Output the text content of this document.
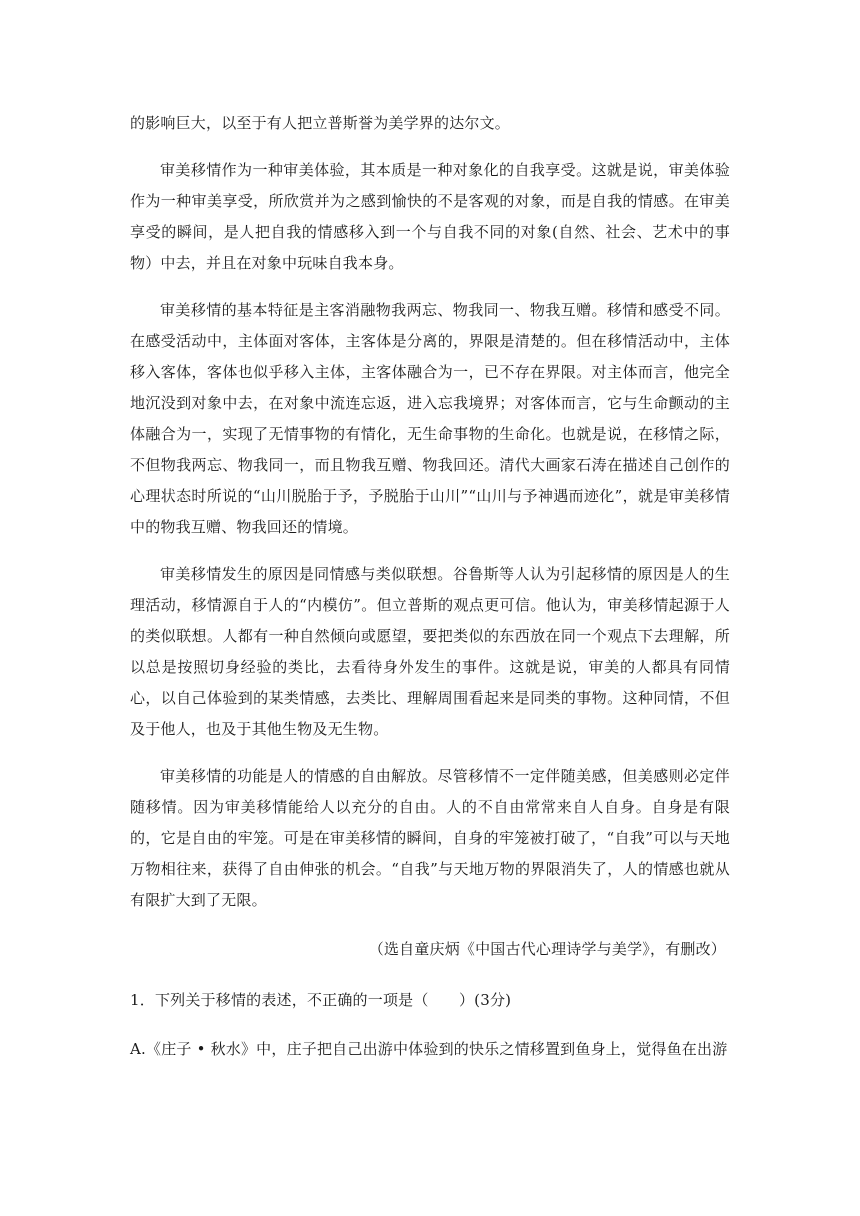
的影响巨大，以至于有人把立普斯誉为美学界的达尔文。

审美移情作为一种审美体验，其本质是一种对象化的自我享受。这就是说，审美体验作为一种审美享受，所欣赏并为之感到愉快的不是客观的对象，而是自我的情感。在审美享受的瞬间，是人把自我的情感移入到一个与自我不同的对象(自然、社会、艺术中的事物）中去，并且在对象中玩味自我本身。

审美移情的基本特征是主客消融物我两忘、物我同一、物我互赠。移情和感受不同。在感受活动中，主体面对客体，主客体是分离的，界限是清楚的。但在移情活动中，主体移入客体，客体也似乎移入主体，主客体融合为一，已不存在界限。对主体而言，他完全地沉没到对象中去，在对象中流连忘返，进入忘我境界；对客体而言，它与生命颤动的主体融合为一，实现了无情事物的有情化，无生命事物的生命化。也就是说，在移情之际，不但物我两忘、物我同一，而且物我互赠、物我回还。清代大画家石涛在描述自己创作的心理状态时所说的“山川脱胎于予，予脱胎于山川”“山川与予神遇而迹化”，就是审美移情中的物我互赠、物我回还的情境。

审美移情发生的原因是同情感与类似联想。谷鲁斯等人认为引起移情的原因是人的生理活动，移情源自于人的“内模仿”。但立普斯的观点更可信。他认为，审美移情起源于人的类似联想。人都有一种自然倾向或愿望，要把类似的东西放在同一个观点下去理解，所以总是按照切身经验的类比，去看待身外发生的事件。这就是说，审美的人都具有同情心，以自己体验到的某类情感，去类比、理解周围看起来是同类的事物。这种同情，不但及于他人，也及于其他生物及无生物。

审美移情的功能是人的情感的自由解放。尽管移情不一定伴随美感，但美感则必定伴随移情。因为审美移情能给人以充分的自由。人的不自由常常来自人自身。自身是有限的，它是自由的牢笼。可是在审美移情的瞬间，自身的牢笼被打破了，“自我”可以与天地万物相往来，获得了自由伸张的机会。“自我”与天地万物的界限消失了，人的情感也就从有限扩大到了无限。

（选自童庆炳《中国古代心理诗学与美学》，有删改）

1．下列关于移情的表述，不正确的一项是（　　）(3分)

A.《庄子 • 秋水》中，庄子把自己出游中体验到的快乐之情移置到鱼身上，觉得鱼在出游
